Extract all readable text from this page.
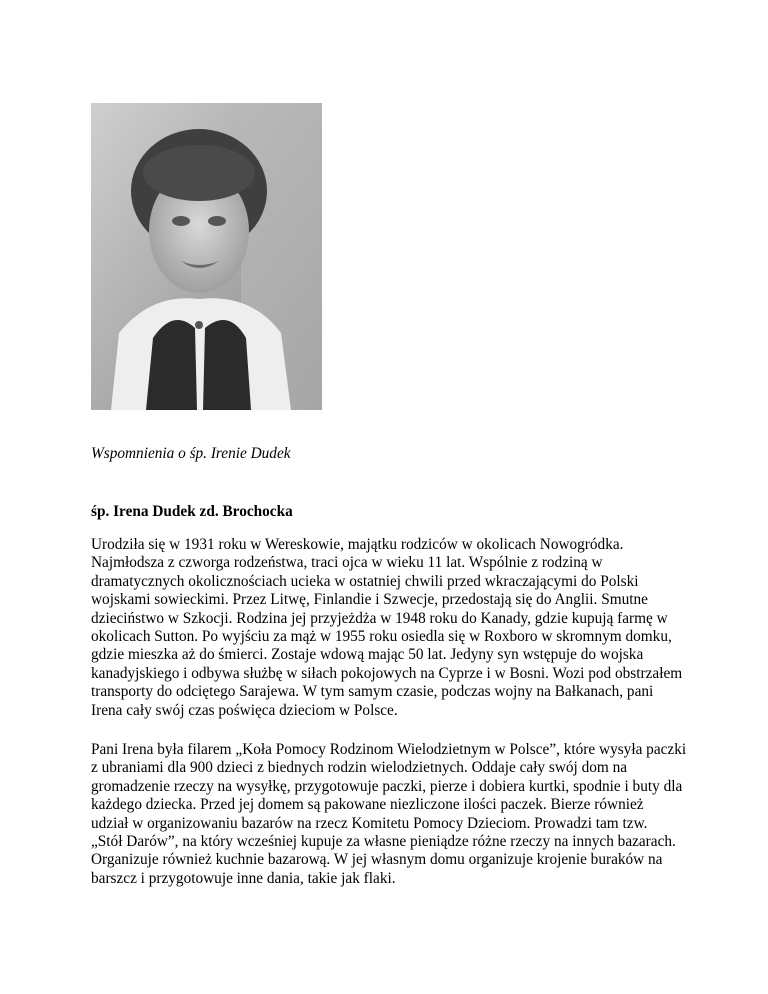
Wspomnienia o śp. Irenie Dudek
śp. Irena Dudek zd. Brochocka
Urodziła się w 1931 roku w Wereskowie, majątku rodziców w okolicach Nowogródka.
Najmłodsza z czworga rodzeństwa, traci ojca w wieku 11 lat. Wspólnie z rodziną w
dramatycznych okolicznościach ucieka w ostatniej chwili przed wkraczającymi do Polski
wojskami sowieckimi. Przez Litwę, Finlandie i Szwecje, przedostają się do Anglii. Smutne
dzieciństwo w Szkocji. Rodzina jej przyjeżdża w 1948 roku do Kanady, gdzie kupują farmę w
okolicach Sutton. Po wyjściu za mąż w 1955 roku osiedla się w Roxboro w skromnym domku,
gdzie mieszka aż do śmierci. Zostaje wdową mając 50 lat. Jedyny syn wstępuje do wojska
kanadyjskiego i odbywa służbę w siłach pokojowych na Cyprze i w Bosni. Wozi pod obstrzałem
transporty do odciętego Sarajewa. W tym samym czasie, podczas wojny na Bałkanach, pani
Irena cały swój czas poświęca dzieciom w Polsce.
Pani Irena była filarem „Koła Pomocy Rodzinom Wielodzietnym w Polsce”, które wysyła paczki
z ubraniami dla 900 dzieci z biednych rodzin wielodzietnych. Oddaje cały swój dom na
gromadzenie rzeczy na wysyłkę, przygotowuje paczki, pierze i dobiera kurtki, spodnie i buty dla
każdego dziecka. Przed jej domem są pakowane niezliczone ilości paczek. Bierze również
udział w organizowaniu bazarów na rzecz Komitetu Pomocy Dzieciom. Prowadzi tam tzw.
„Stół Darów”, na który wcześniej kupuje za własne pieniądze różne rzeczy na innych bazarach.
Organizuje również kuchnie bazarową. W jej własnym domu organizuje krojenie buraków na
barszcz i przygotowuje inne dania, takie jak flaki.
